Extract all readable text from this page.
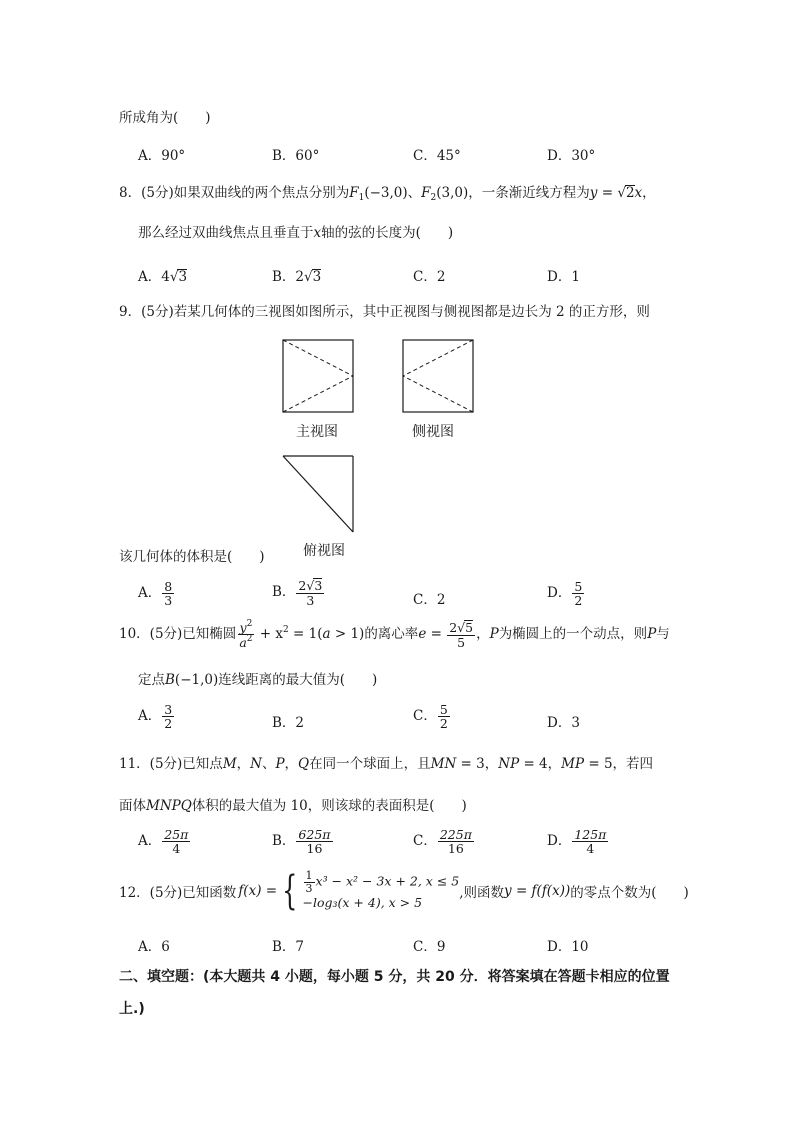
所成角为(　　)
A．90°	B．60°	C．45°	D．30°
8．(5分)如果双曲线的两个焦点分别为$F_1(-3,0)$、$F_2(3,0)$，一条渐近线方程为y = √2x，
那么经过双曲线焦点且垂直于x轴的弦的长度为(　　)
A．4√3	B．2√3	C．2	D．1
9．(5分)若某几何体的三视图如图所示，其中正视图与侧视图都是边长为 2 的正方形，则
主视图	侧视图
俯视图
该几何体的体积是(　　)
A． $\frac{8}{3}$	B． $\frac{2√3}{3}$	C．2	D． $\frac{5}{2}$
10．(5分)已知椭圆 $\frac{y^2}{a^2} + x^2 = 1(a > 1)$的离心率$e = \frac{2√5}{5}$ ，P为椭圆上的一个动点，则P与
定点B(−1,0)连线距离的最大值为(　　)
A． $\frac{3}{2}$	B．2	C． $\frac{5}{2}$	D．3
11．(5分)已知点M，N、P，Q在同一个球面上，且MN = 3，NP = 4，MP = 5，若四
面体MNPQ体积的最大值为 10，则该球的表面积是(　　)
A． $\frac{25\pi}{4}$	B． $\frac{625\pi}{16}$	C． $\frac{225\pi}{16}$	D． $\frac{125\pi}{4}$
12．(5分)已知函数 f(x) = { $\frac{1}{3} x^3 - x^2 - 3x + 2$, x ≤ 5
−log₃(x + 4), x > 5
,则函数 y = f(f(x)) 的零点个数为(　　)
A．6	B．7	C．9	D．10
二、填空题：(本大题共 4 小题，每小题 5 分，共 20 分．将答案填在答题卡相应的位置
上.)
